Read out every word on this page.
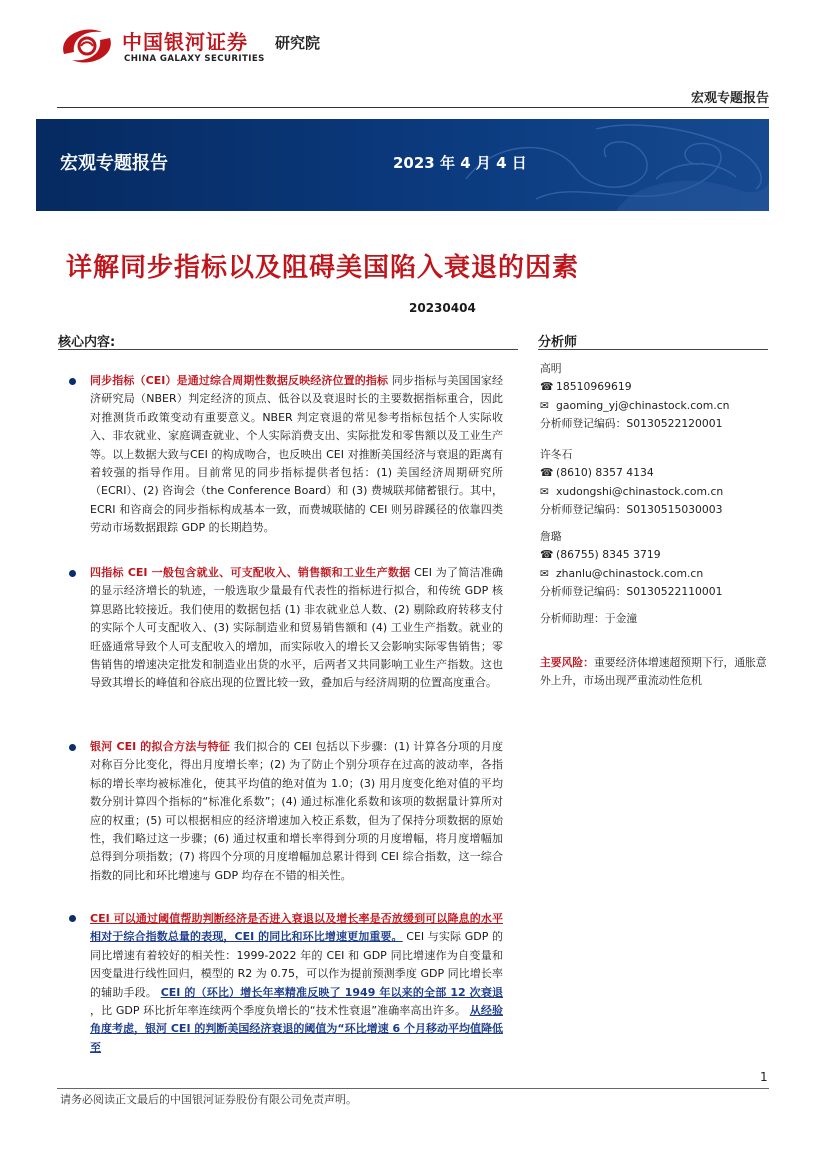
中国银河证券 研究院
CHINA GALAXY SECURITIES
宏观专题报告
宏观专题报告	2023 年 4 月 4 日
详解同步指标以及阻碍美国陷入衰退的因素
20230404
核心内容:	分析师
同步指标（CEI）是通过综合周期性数据反映经济位置的指标 同步指标与美国国家经济研究局（NBER）判定经济的顶点、低谷以及衰退时长的主要数据指标重合，因此对推测货币政策变动有重要意义。NBER 判定衰退的常见参考指标包括个人实际收入、非农就业、家庭调查就业、个人实际消费支出、实际批发和零售额以及工业生产等。以上数据大致与CEI 的构成吻合，也反映出 CEI 对推断美国经济与衰退的距离有着较强的指导作用。目前常见的同步指标提供者包括：(1) 美国经济周期研究所（ECRI）、(2) 咨询会（the Conference Board）和 (3) 费城联邦储蓄银行。其中，ECRI 和咨商会的同步指标构成基本一致，而费城联储的 CEI 则另辟蹊径的依靠四类劳动市场数据跟踪 GDP 的长期趋势。
四指标 CEI 一般包含就业、可支配收入、销售额和工业生产数据 CEI 为了简洁准确的显示经济增长的轨迹，一般选取少量最有代表性的指标进行拟合，和传统 GDP 核算思路比较接近。我们使用的数据包括 (1) 非农就业总人数、(2) 剔除政府转移支付的实际个人可支配收入、(3) 实际制造业和贸易销售额和 (4) 工业生产指数。就业的旺盛通常导致个人可支配收入的增加，而实际收入的增长又会影响实际零售销售；零售销售的增速决定批发和制造业出货的水平，后两者又共同影响工业生产指数。这也导致其增长的峰值和谷底出现的位置比较一致，叠加后与经济周期的位置高度重合。
银河 CEI 的拟合方法与特征 我们拟合的 CEI 包括以下步骤：(1) 计算各分项的月度对称百分比变化，得出月度增长率；(2) 为了防止个别分项存在过高的波动率，各指标的增长率均被标准化，使其平均值的绝对值为 1.0；(3) 用月度变化绝对值的平均数分别计算四个指标的“标准化系数”；(4) 通过标准化系数和该项的数据量计算所对应的权重；(5) 可以根据相应的经济增速加入校正系数，但为了保持分项数据的原始性，我们略过这一步骤；(6) 通过权重和增长率得到分项的月度增幅，将月度增幅加总得到分项指数；(7) 将四个分项的月度增幅加总累计得到 CEI 综合指数，这一综合指数的同比和环比增速与 GDP 均存在不错的相关性。
CEI 可以通过阈值帮助判断经济是否进入衰退以及增长率是否放缓到可以降息的水平 相对于综合指数总量的表现，CEI 的同比和环比增速更加重要。 CEI 与实际 GDP 的同比增速有着较好的相关性：1999-2022 年的 CEI 和 GDP 同比增速作为自变量和因变量进行线性回归，模型的 R2 为 0.75，可以作为提前预测季度 GDP 同比增长率的辅助手段。 CEI 的（环比）增长年率精准反映了 1949 年以来的全部 12 次衰退 ，比 GDP 环比折年率连续两个季度负增长的“技术性衰退”准确率高出许多。 从经验角度考虑，银河 CEI 的判断美国经济衰退的阈值为“环比增速 6 个月移动平均值降低至
高明
☎ 18510969619
✉ gaoming_yj@chinastock.com.cn
分析师登记编码：S0130522120001
许冬石
☎ (8610) 8357 4134
✉ xudongshi@chinastock.com.cn
分析师登记编码：S0130515030003
詹璐
☎ (86755) 8345 3719
✉ zhanlu@chinastock.com.cn
分析师登记编码：S0130522110001
分析师助理：于金潼
主要风险：重要经济体增速超预期下行，通胀意外上升，市场出现严重流动性危机
1
请务必阅读正文最后的中国银河证券股份有限公司免责声明。
